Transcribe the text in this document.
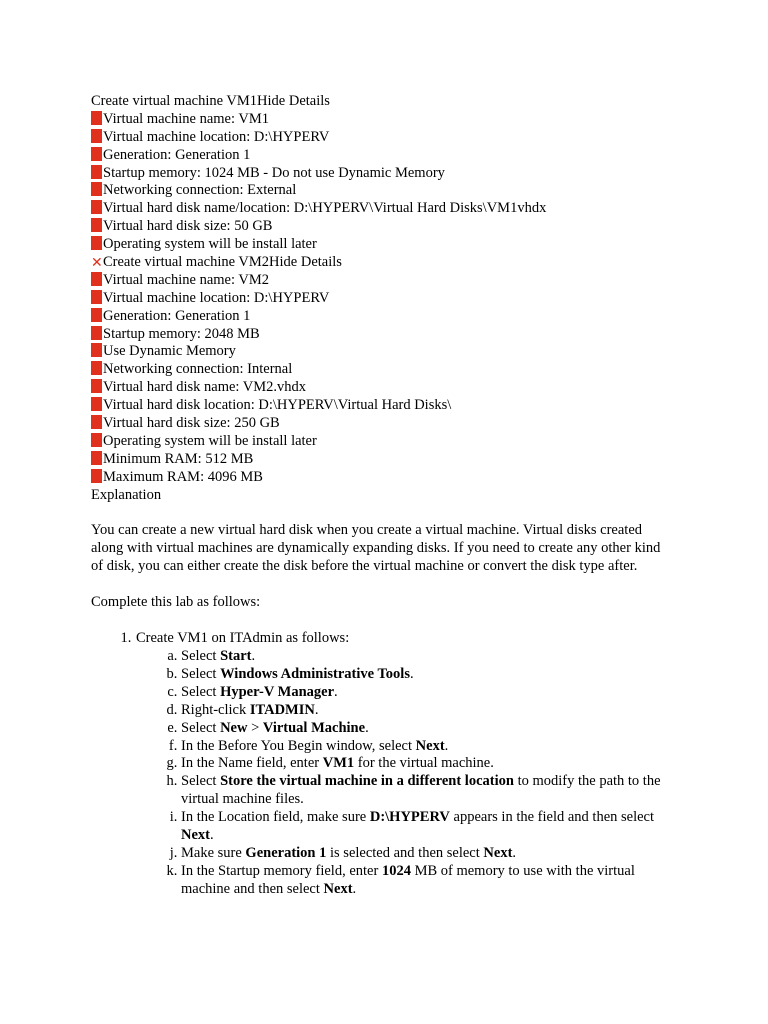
Create virtual machine VM1Hide Details
Virtual machine name: VM1
Virtual machine location: D:\HYPERV
Generation: Generation 1
Startup memory: 1024 MB - Do not use Dynamic Memory
Networking connection: External
Virtual hard disk name/location: D:\HYPERV\Virtual Hard Disks\VM1vhdx
Virtual hard disk size: 50 GB
Operating system will be install later
✕Create virtual machine VM2Hide Details
Virtual machine name: VM2
Virtual machine location: D:\HYPERV
Generation: Generation 1
Startup memory: 2048 MB
Use Dynamic Memory
Networking connection: Internal
Virtual hard disk name: VM2.vhdx
Virtual hard disk location: D:\HYPERV\Virtual Hard Disks\
Virtual hard disk size: 250 GB
Operating system will be install later
Minimum RAM: 512 MB
Maximum RAM: 4096 MB
Explanation
You can create a new virtual hard disk when you create a virtual machine. Virtual disks created along with virtual machines are dynamically expanding disks. If you need to create any other kind of disk, you can either create the disk before the virtual machine or convert the disk type after.
Complete this lab as follows:
1. Create VM1 on ITAdmin as follows:
a. Select Start.
b. Select Windows Administrative Tools.
c. Select Hyper-V Manager.
d. Right-click ITADMIN.
e. Select New > Virtual Machine.
f. In the Before You Begin window, select Next.
g. In the Name field, enter VM1 for the virtual machine.
h. Select Store the virtual machine in a different location to modify the path to the virtual machine files.
i. In the Location field, make sure D:\HYPERV appears in the field and then select Next.
j. Make sure Generation 1 is selected and then select Next.
k. In the Startup memory field, enter 1024 MB of memory to use with the virtual machine and then select Next.
